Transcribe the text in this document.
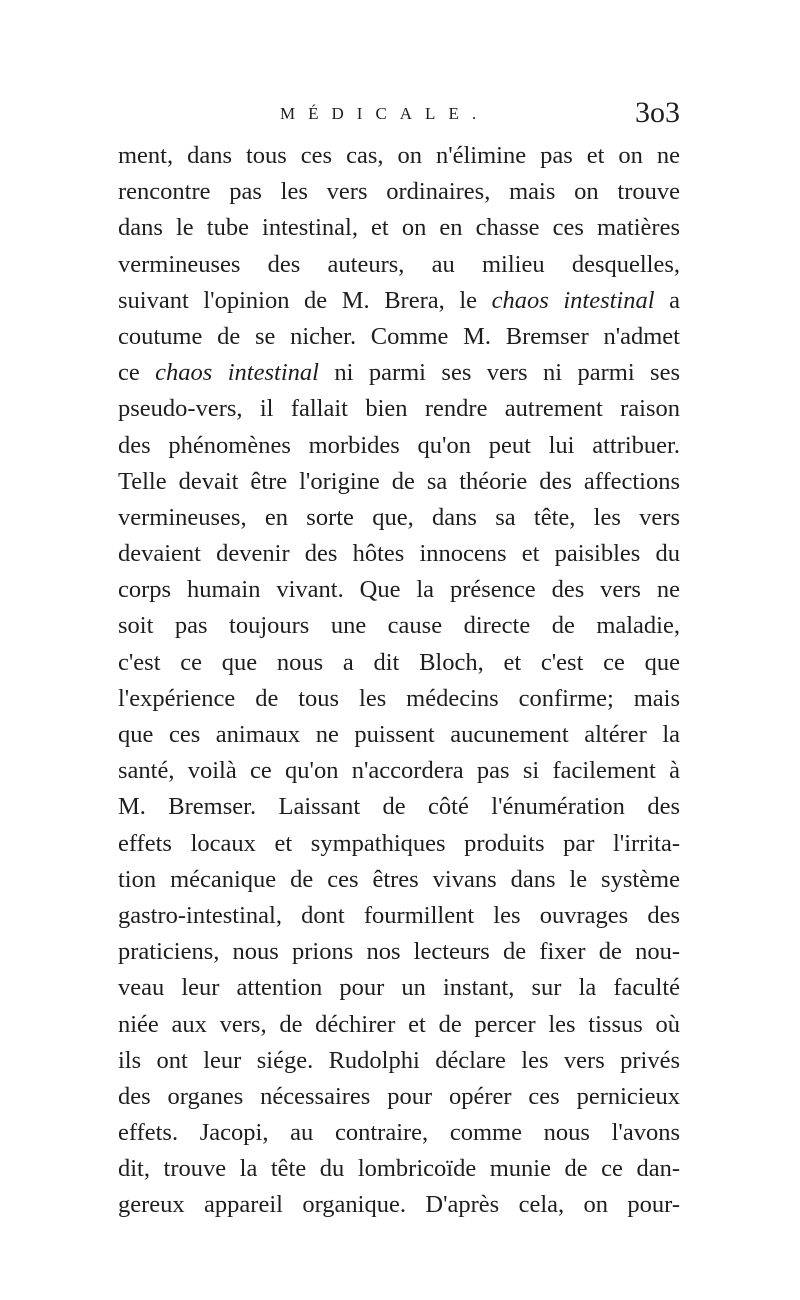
MÉDICALE.	3o3
ment, dans tous ces cas, on n'élimine pas et on ne
rencontre pas les vers ordinaires, mais on trouve
dans le tube intestinal, et on en chasse ces matières
vermineuses des auteurs, au milieu desquelles,
suivant l'opinion de M. Brera, le chaos intestinal a
coutume de se nicher. Comme M. Bremser n'admet
ce chaos intestinal ni parmi ses vers ni parmi ses
pseudo-vers, il fallait bien rendre autrement raison
des phénomènes morbides qu'on peut lui attribuer.
Telle devait être l'origine de sa théorie des affections
vermineuses, en sorte que, dans sa tête, les vers
devaient devenir des hôtes innocens et paisibles du
corps humain vivant. Que la présence des vers ne
soit pas toujours une cause directe de maladie,
c'est ce que nous a dit Bloch, et c'est ce que
l'expérience de tous les médecins confirme; mais
que ces animaux ne puissent aucunement altérer la
santé, voilà ce qu'on n'accordera pas si facilement à
M. Bremser. Laissant de côté l'énumération des
effets locaux et sympathiques produits par l'irrita-
tion mécanique de ces êtres vivans dans le système
gastro-intestinal, dont fourmillent les ouvrages des
praticiens, nous prions nos lecteurs de fixer de nou-
veau leur attention pour un instant, sur la faculté
niée aux vers, de déchirer et de percer les tissus où
ils ont leur siége. Rudolphi déclare les vers privés
des organes nécessaires pour opérer ces pernicieux
effets. Jacopi, au contraire, comme nous l'avons
dit, trouve la tête du lombricoïde munie de ce dan-
gereux appareil organique. D'après cela, on pour-
